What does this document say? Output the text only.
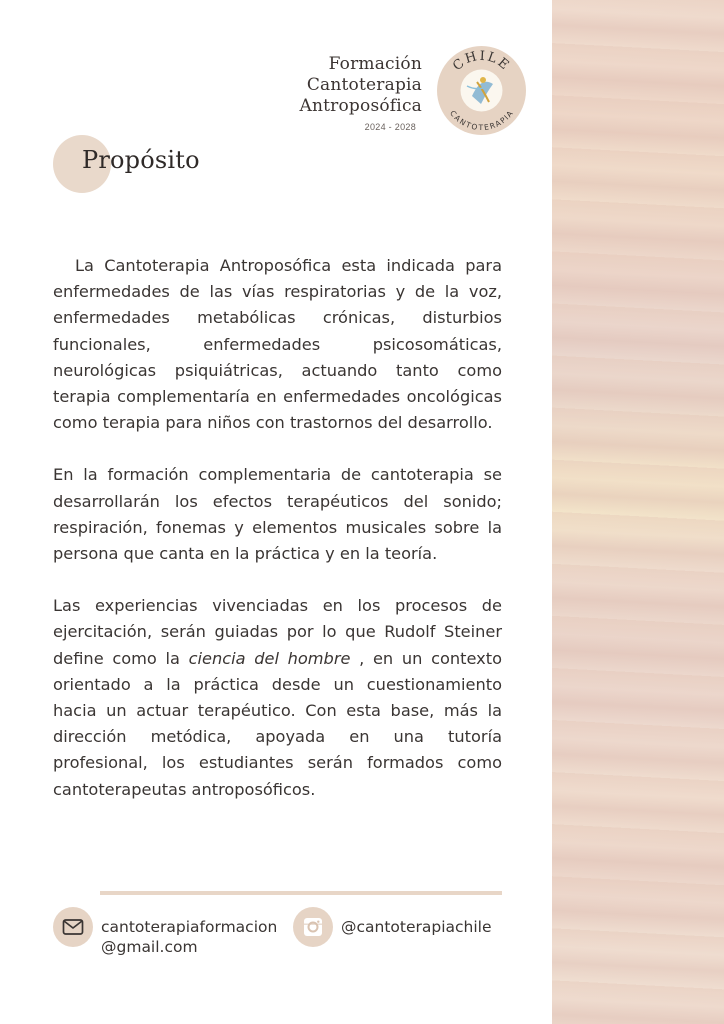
Formación
Cantoterapia
Antroposófica
2024 - 2028
CHILE
CANTOTERAPIA
Propósito

La Cantoterapia Antroposófica esta indicada para enfermedades de las vías respiratorias y de la voz, enfermedades metabólicas crónicas, disturbios funcionales, enfermedades psicosomáticas, neurológicas psiquiátricas, actuando tanto como terapia complementaría en enfermedades oncológicas como terapia para niños con trastornos del desarrollo.

En la formación complementaria de cantoterapia se desarrollarán los efectos terapéuticos del sonido; respiración, fonemas y elementos musicales sobre la persona que canta en la práctica y en la teoría.

Las experiencias vivenciadas en los procesos de ejercitación, serán guiadas por lo que Rudolf Steiner define como la ciencia del hombre , en un contexto orientado a la práctica desde un cuestionamiento hacia un actuar terapéutico. Con esta base, más la dirección metódica, apoyada en una tutoría profesional, los estudiantes serán formados como cantoterapeutas antroposóficos.

cantoterapiaformacion
@gmail.com
@cantoterapiachile
